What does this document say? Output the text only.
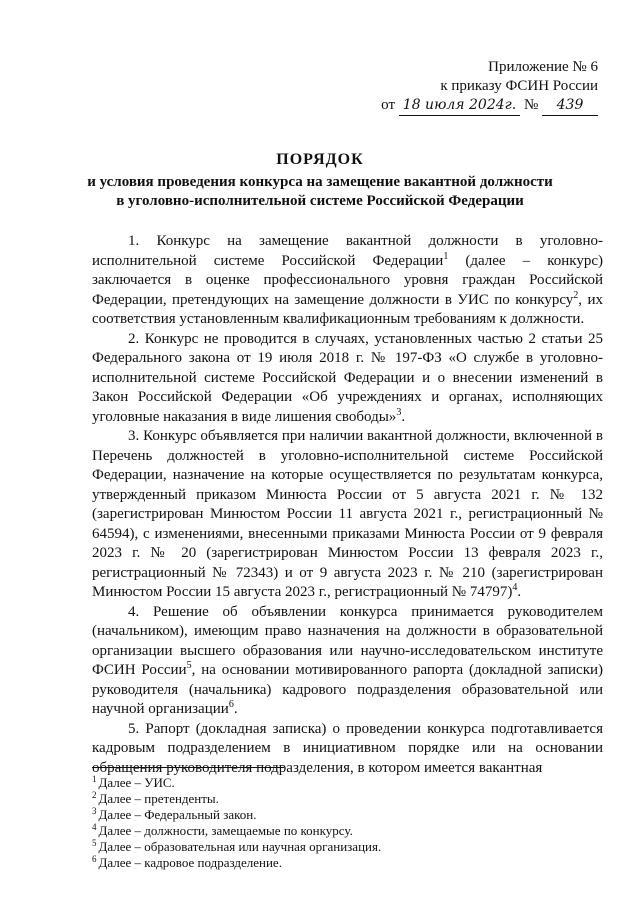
Приложение № 6
к приказу ФСИН России
от 18 июля 2024г. № 439
ПОРЯДОК
и условия проведения конкурса на замещение вакантной должности
в уголовно-исполнительной системе Российской Федерации

1. Конкурс на замещение вакантной должности в уголовно-исполнительной системе Российской Федерации$^1$ (далее – конкурс) заключается в оценке профессионального уровня граждан Российской Федерации, претендующих на замещение должности в УИС по конкурсу$^2$, их соответствия установленным квалификационным требованиям к должности.

2. Конкурс не проводится в случаях, установленных частью 2 статьи 25 Федерального закона от 19 июля 2018 г. № 197-ФЗ «О службе в уголовно-исполнительной системе Российской Федерации и о внесении изменений в Закон Российской Федерации «Об учреждениях и органах, исполняющих уголовные наказания в виде лишения свободы»$^3$.

3. Конкурс объявляется при наличии вакантной должности, включенной в Перечень должностей в уголовно-исполнительной системе Российской Федерации, назначение на которые осуществляется по результатам конкурса, утвержденный приказом Минюста России от 5 августа 2021 г. № 132 (зарегистрирован Минюстом России 11 августа 2021 г., регистрационный № 64594), с изменениями, внесенными приказами Минюста России от 9 февраля 2023 г. № 20 (зарегистрирован Минюстом России 13 февраля 2023 г., регистрационный № 72343) и от 9 августа 2023 г. № 210 (зарегистрирован Минюстом России 15 августа 2023 г., регистрационный № 74797)$^4$.

4. Решение об объявлении конкурса принимается руководителем (начальником), имеющим право назначения на должности в образовательной организации высшего образования или научно-исследовательском институте ФСИН России$^5$, на основании мотивированного рапорта (докладной записки) руководителя (начальника) кадрового подразделения образовательной или научной организации$^6$.

5. Рапорт (докладная записка) о проведении конкурса подготавливается кадровым подразделением в инициативном порядке или на основании обращения руководителя подразделения, в котором имеется вакантная

$^1$ Далее – УИС.
$^2$ Далее – претенденты.
$^3$ Далее – Федеральный закон.
$^4$ Далее – должности, замещаемые по конкурсу.
$^5$ Далее – образовательная или научная организация.
$^6$ Далее – кадровое подразделение.
